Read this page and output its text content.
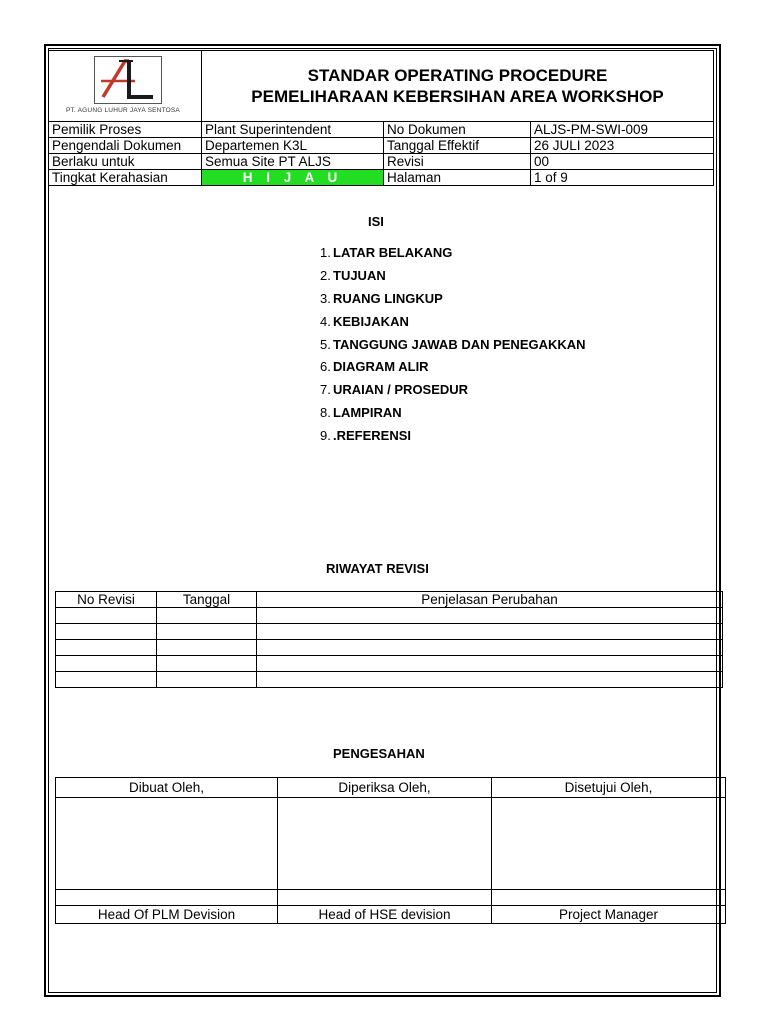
	STANDAR OPERATING PROCEDURE
PEMELIHARAAN KEBERSIHAN AREA WORKSHOP		

Pemilik Proses	Plant Superintendent	No Dokumen	ALJS-PM-SWI-009
Pengendali Dokumen	Departemen K3L	Tanggal Effektif	26 JULI 2023
Berlaku untuk	Semua Site PT ALJS	Revisi	00
Tingkat Kerahasian	H I J A U	Halaman	1 of 9
PT. AGUNG LUHUR JAYA SENTOSA
ISI
1. LATAR BELAKANG
2. TUJUAN
3. RUANG LINGKUP
4. KEBIJAKAN
5. TANGGUNG JAWAB DAN PENEGAKKAN
6. DIAGRAM ALIR
7. URAIAN / PROSEDUR
8. LAMPIRAN
9. .REFERENSI
RIWAYAT REVISI
No Revisi	Tanggal	Penjelasan Perubahan

PENGESAHAN
Dibuat Oleh,	Diperiksa Oleh,	Disetujui Oleh,

Head Of PLM Devision	Head of HSE devision	Project Manager
